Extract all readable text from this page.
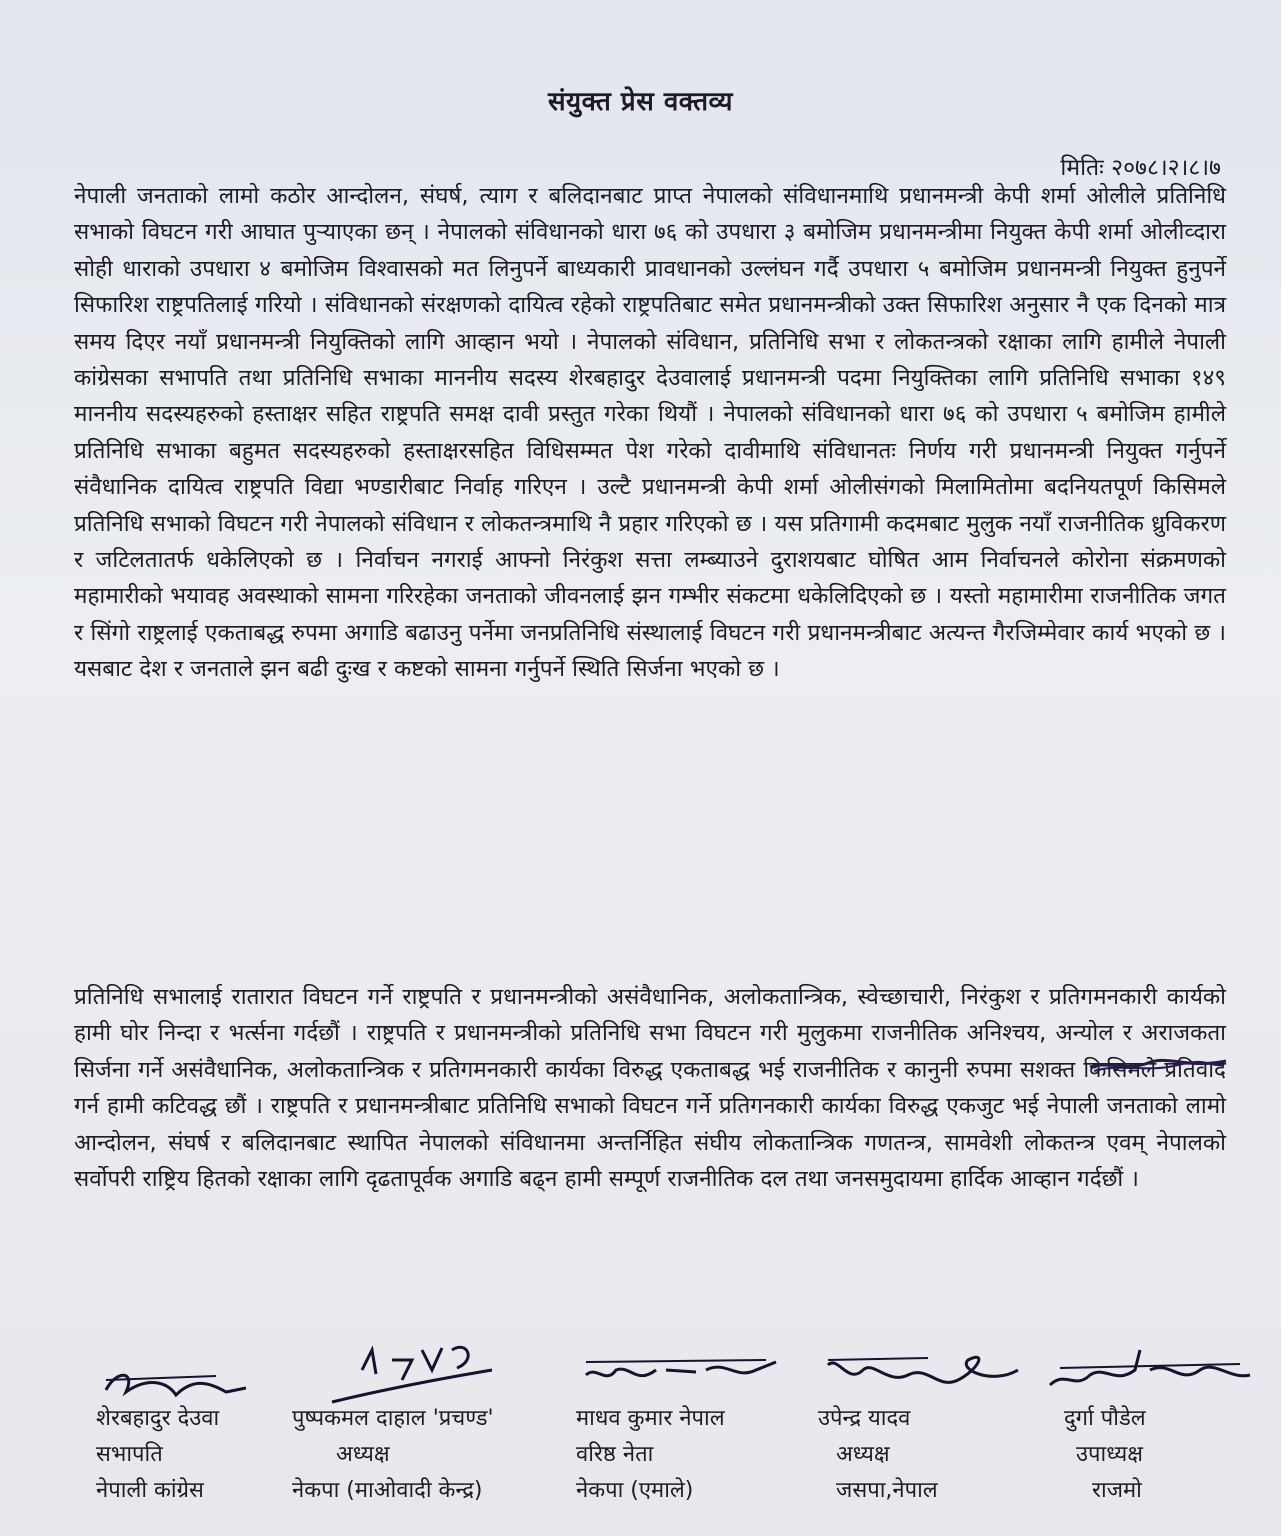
संयुक्त प्रेस वक्तव्य
मितिः २०७८।२।८।७

नेपाली जनताको लामो कठोर आन्दोलन, संघर्ष, त्याग र बलिदानबाट प्राप्त नेपालको संविधानमाथि प्रधानमन्त्री केपी शर्मा ओलीले प्रतिनिधि सभाको विघटन गरी आघात पुर्‍याएका छन् । नेपालको संविधानको धारा ७६ को उपधारा ३ बमोजिम प्रधानमन्त्रीमा नियुक्त केपी शर्मा ओलीव्दारा सोही धाराको उपधारा ४ बमोजिम विश्वासको मत लिनुपर्ने बाध्यकारी प्रावधानको उल्लंघन गर्दै उपधारा ५ बमोजिम प्रधानमन्त्री नियुक्त हुनुपर्ने सिफारिश राष्ट्रपतिलाई गरियो । संविधानको संरक्षणको दायित्व रहेको राष्ट्रपतिबाट समेत प्रधानमन्त्रीको उक्त सिफारिश अनुसार नै एक दिनको मात्र समय दिएर नयाँ प्रधानमन्त्री नियुक्तिको लागि आव्हान भयो । नेपालको संविधान, प्रतिनिधि सभा र लोकतन्त्रको रक्षाका लागि हामीले नेपाली कांग्रेसका सभापति तथा प्रतिनिधि सभाका माननीय सदस्य शेरबहादुर देउवालाई प्रधानमन्त्री पदमा नियुक्तिका लागि प्रतिनिधि सभाका १४९ माननीय सदस्यहरुको हस्ताक्षर सहित राष्ट्रपति समक्ष दावी प्रस्तुत गरेका थियौं । नेपालको संविधानको धारा ७६ को उपधारा ५ बमोजिम हामीले प्रतिनिधि सभाका बहुमत सदस्यहरुको हस्ताक्षरसहित विधिसम्मत पेश गरेको दावीमाथि संविधानतः निर्णय गरी प्रधानमन्त्री नियुक्त गर्नुपर्ने संवैधानिक दायित्व राष्ट्रपति विद्या भण्डारीबाट निर्वाह गरिएन । उल्टै प्रधानमन्त्री केपी शर्मा ओलीसंगको मिलामितोमा बदनियतपूर्ण किसिमले प्रतिनिधि सभाको विघटन गरी नेपालको संविधान र लोकतन्त्रमाथि नै प्रहार गरिएको छ । यस प्रतिगामी कदमबाट मुलुक नयाँ राजनीतिक ध्रुविकरण र जटिलतातर्फ धकेलिएको छ । निर्वाचन नगराई आफ्नो निरंकुश सत्ता लम्ब्याउने दुराशयबाट घोषित आम निर्वाचनले कोरोना संक्रमणको महामारीको भयावह अवस्थाको सामना गरिरहेका जनताको जीवनलाई झन गम्भीर संकटमा धकेलिदिएको छ । यस्तो महामारीमा राजनीतिक जगत र सिंगो राष्ट्रलाई एकताबद्ध रुपमा अगाडि बढाउनु पर्नेमा जनप्रतिनिधि संस्थालाई विघटन गरी प्रधानमन्त्रीबाट अत्यन्त गैरजिम्मेवार कार्य भएको छ । यसबाट देश र जनताले झन बढी दुःख र कष्टको सामना गर्नुपर्ने स्थिति सिर्जना भएको छ ।

प्रतिनिधि सभालाई रातारात विघटन गर्ने राष्ट्रपति र प्रधानमन्त्रीको असंवैधानिक, अलोकतान्त्रिक, स्वेच्छाचारी, निरंकुश र प्रतिगमनकारी कार्यको हामी घोर निन्दा र भर्त्सना गर्दछौं । राष्ट्रपति र प्रधानमन्त्रीको प्रतिनिधि सभा विघटन गरी मुलुकमा राजनीतिक अनिश्चय, अन्योल र अराजकता सिर्जना गर्ने असंवैधानिक, अलोकतान्त्रिक र प्रतिगमनकारी कार्यका विरुद्ध एकताबद्ध भई राजनीतिक र कानुनी रुपमा सशक्त किसिमले प्रतिवाद गर्न हामी कटिवद्ध छौं । राष्ट्रपति र प्रधानमन्त्रीबाट प्रतिनिधि सभाको विघटन गर्ने प्रतिगनकारी कार्यका विरुद्ध एकजुट भई नेपाली जनताको लामो आन्दोलन, संघर्ष र बलिदानबाट स्थापित नेपालको संविधानमा अन्तर्निहित संघीय लोकतान्त्रिक गणतन्त्र, सामवेशी लोकतन्त्र एवम् नेपालको सर्वोपरी राष्ट्रिय हितको रक्षाका लागि दृढतापूर्वक अगाडि बढ्न हामी सम्पूर्ण राजनीतिक दल तथा जनसमुदायमा हार्दिक आव्हान गर्दछौं ।

शेरबहादुर देउवा
सभापति
नेपाली कांग्रेस
पुष्पकमल दाहाल 'प्रचण्ड'
अध्यक्ष
नेकपा (माओवादी केन्द्र)
माधव कुमार नेपाल
वरिष्ठ नेता
नेकपा (एमाले)
उपेन्द्र यादव
अध्यक्ष
जसपा,नेपाल
दुर्गा पौडेल
उपाध्यक्ष
राजमो
